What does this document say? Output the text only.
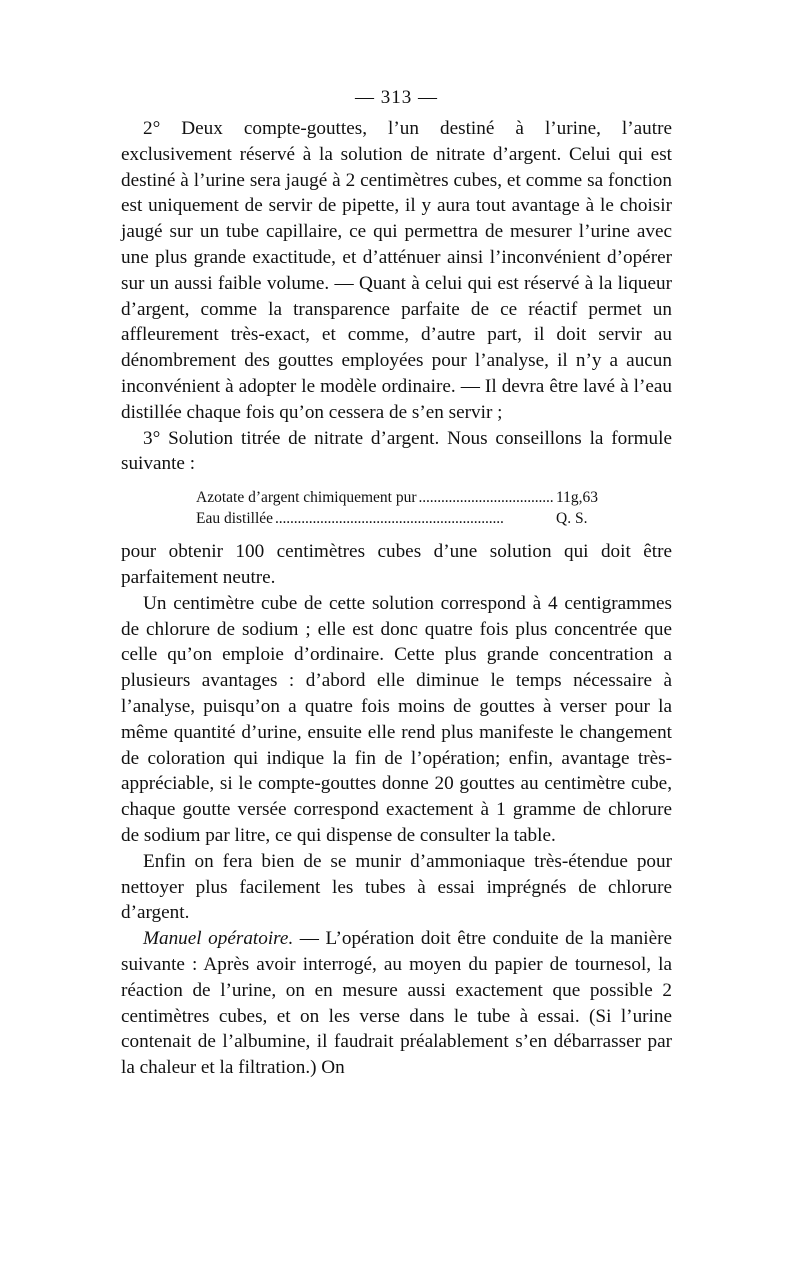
— 313 —

2° Deux compte-gouttes, l’un destiné à l’urine, l’autre exclusivement réservé à la solution de nitrate d’argent. Celui qui est destiné à l’urine sera jaugé à 2 centimètres cubes, et comme sa fonction est uniquement de servir de pipette, il y aura tout avantage à le choisir jaugé sur un tube capillaire, ce qui permettra de mesurer l’urine avec une plus grande exactitude, et d’atténuer ainsi l’inconvénient d’opérer sur un aussi faible volume. — Quant à celui qui est réservé à la liqueur d’argent, comme la transparence parfaite de ce réactif permet un affleurement très-exact, et comme, d’autre part, il doit servir au dénombrement des gouttes employées pour l’analyse, il n’y a aucun inconvénient à adopter le modèle ordinaire. — Il devra être lavé à l’eau distillée chaque fois qu’on cessera de s’en servir ;

3° Solution titrée de nitrate d’argent. Nous conseillons la formule suivante :

Azotate d’argent chimiquement pur . . .	11g,63
Eau distillée . . .	Q. S.

pour obtenir 100 centimètres cubes d’une solution qui doit être parfaitement neutre.

Un centimètre cube de cette solution correspond à 4 centigrammes de chlorure de sodium ; elle est donc quatre fois plus concentrée que celle qu’on emploie d’ordinaire. Cette plus grande concentration a plusieurs avantages : d’abord elle diminue le temps nécessaire à l’analyse, puisqu’on a quatre fois moins de gouttes à verser pour la même quantité d’urine, ensuite elle rend plus manifeste le changement de coloration qui indique la fin de l’opération; enfin, avantage très-appréciable, si le compte-gouttes donne 20 gouttes au centimètre cube, chaque goutte versée correspond exactement à 1 gramme de chlorure de sodium par litre, ce qui dispense de consulter la table.

Enfin on fera bien de se munir d’ammoniaque très-étendue pour nettoyer plus facilement les tubes à essai imprégnés de chlorure d’argent.

Manuel opératoire. — L’opération doit être conduite de la manière suivante : Après avoir interrogé, au moyen du papier de tournesol, la réaction de l’urine, on en mesure aussi exactement que possible 2 centimètres cubes, et on les verse dans le tube à essai. (Si l’urine contenait de l’albumine, il faudrait préalablement s’en débarrasser par la chaleur et la filtration.) On
